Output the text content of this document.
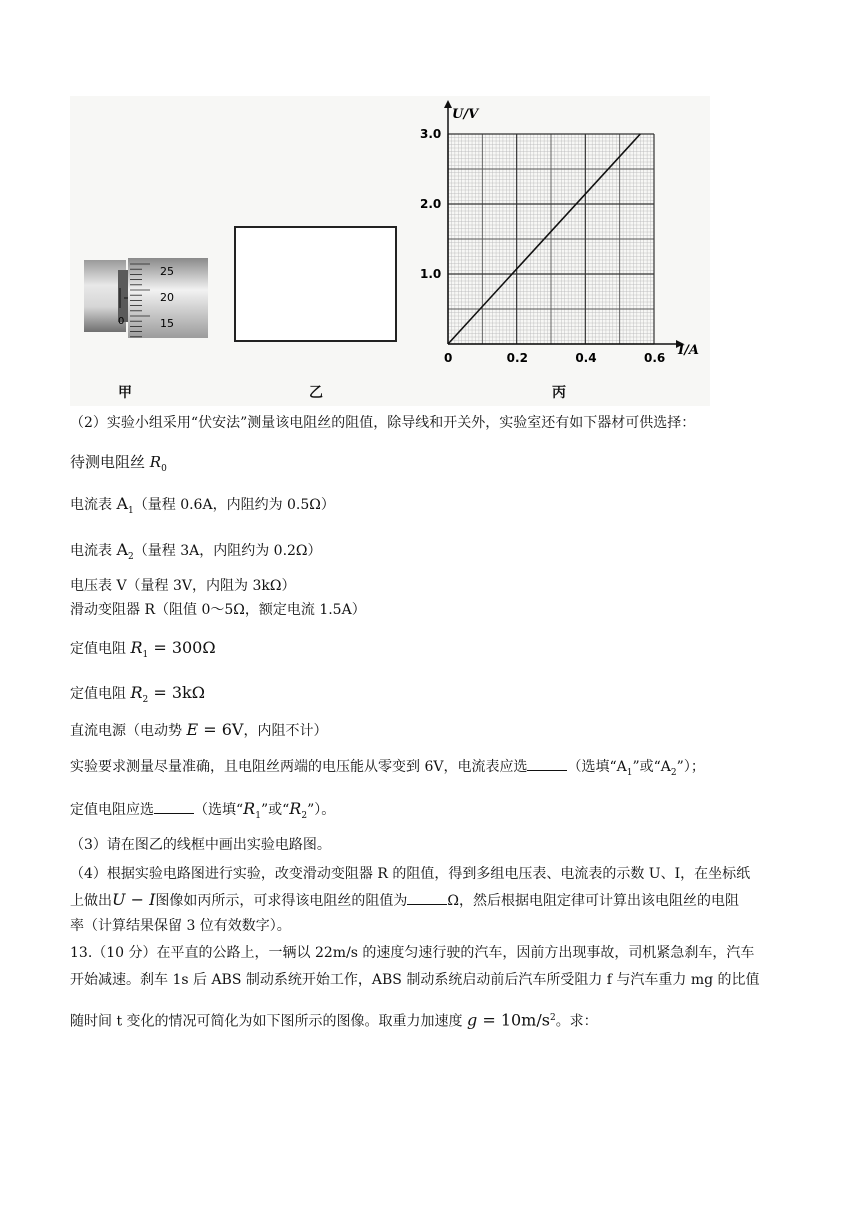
25
20
15
0
0	0.2	0.4	0.6
1.0
2.0
3.0
U/V
I/A
甲	乙	丙
（2）实验小组采用“伏安法”测量该电阻丝的阻值，除导线和开关外，实验室还有如下器材可供选择：
待测电阻丝 $R_0$
电流表 $A_1$（量程 0.6A，内阻约为 0.5Ω）
电流表 $A_2$（量程 3A，内阻约为 0.2Ω）
电压表 V（量程 3V，内阻为 3kΩ）
滑动变阻器 R（阻值 0～5Ω，额定电流 1.5A）
定值电阻 $R_1 = 300\Omega$
定值电阻 $R_2 = 3k\Omega$
直流电源（电动势 E = 6V，内阻不计）
实验要求测量尽量准确，且电阻丝两端的电压能从零变到 6V，电流表应选	（选填“$A_1$”或“$A_2$”）；
定值电阻应选	（选填“$R_1$”或“$R_2$”）。
（3）请在图乙的线框中画出实验电路图。
（4）根据实验电路图进行实验，改变滑动变阻器 R 的阻值，得到多组电压表、电流表的示数 U、I，在坐标纸
上做出U − I图像如丙所示，可求得该电阻丝的阻值为	Ω，然后根据电阻定律可计算出该电阻丝的电阻
率（计算结果保留 3 位有效数字）。
13.（10 分）在平直的公路上，一辆以 22m/s 的速度匀速行驶的汽车，因前方出现事故，司机紧急刹车，汽车
开始减速。刹车 1s 后 ABS 制动系统开始工作，ABS 制动系统启动前后汽车所受阻力 f 与汽车重力 mg 的比值
随时间 t 变化的情况可简化为如下图所示的图像。取重力加速度 $g = 10m/s^2$。求：
